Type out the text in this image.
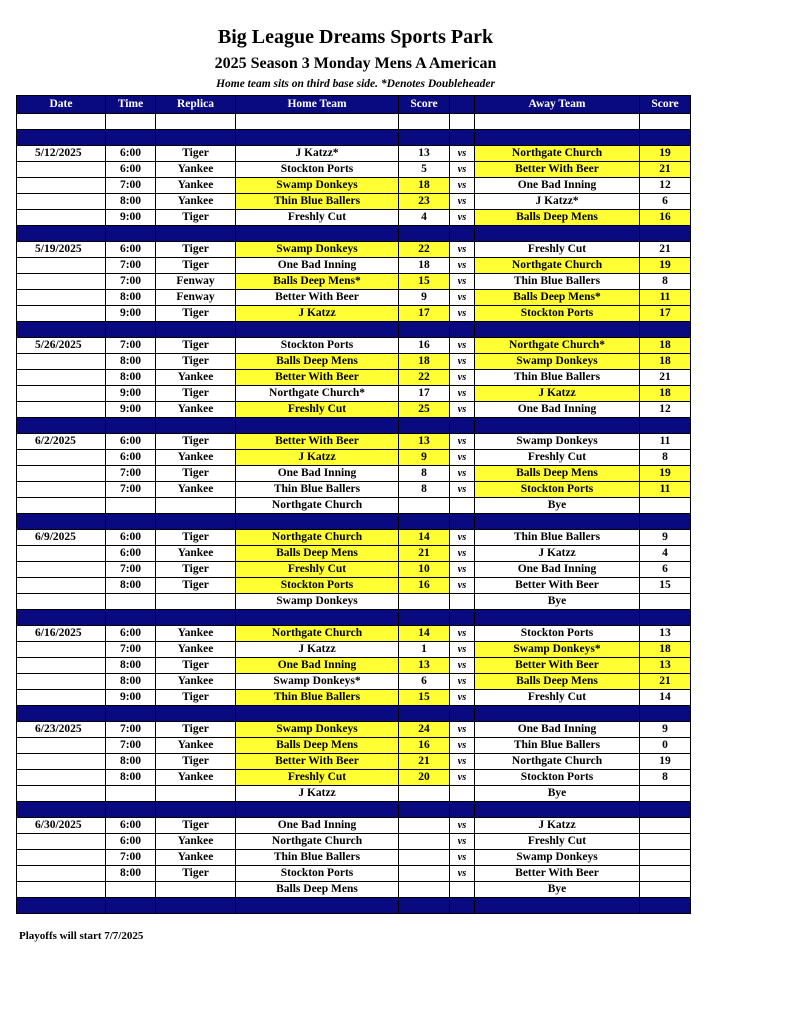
Big League Dreams Sports Park
2025 Season 3 Monday Mens A American
Home team sits on third base side. *Denotes Doubleheader
Date	Time	Replica	Home Team	Score		Away Team	Score

5/12/2025	6:00	Tiger	J Katzz*	13	vs	Northgate Church	19
	6:00	Yankee	Stockton Ports	5	vs	Better With Beer	21
	7:00	Yankee	Swamp Donkeys	18	vs	One Bad Inning	12
	8:00	Yankee	Thin Blue Ballers	23	vs	J Katzz*	6
	9:00	Tiger	Freshly Cut	4	vs	Balls Deep Mens	16

5/19/2025	6:00	Tiger	Swamp Donkeys	22	vs	Freshly Cut	21
	7:00	Tiger	One Bad Inning	18	vs	Northgate Church	19
	7:00	Fenway	Balls Deep Mens*	15	vs	Thin Blue Ballers	8
	8:00	Fenway	Better With Beer	9	vs	Balls Deep Mens*	11
	9:00	Tiger	J Katzz	17	vs	Stockton Ports	17

5/26/2025	7:00	Tiger	Stockton Ports	16	vs	Northgate Church*	18
	8:00	Tiger	Balls Deep Mens	18	vs	Swamp Donkeys	18
	8:00	Yankee	Better With Beer	22	vs	Thin Blue Ballers	21
	9:00	Tiger	Northgate Church*	17	vs	J Katzz	18
	9:00	Yankee	Freshly Cut	25	vs	One Bad Inning	12

6/2/2025	6:00	Tiger	Better With Beer	13	vs	Swamp Donkeys	11
	6:00	Yankee	J Katzz	9	vs	Freshly Cut	8
	7:00	Tiger	One Bad Inning	8	vs	Balls Deep Mens	19
	7:00	Yankee	Thin Blue Ballers	8	vs	Stockton Ports	11
			Northgate Church			Bye	

6/9/2025	6:00	Tiger	Northgate Church	14	vs	Thin Blue Ballers	9
	6:00	Yankee	Balls Deep Mens	21	vs	J Katzz	4
	7:00	Tiger	Freshly Cut	10	vs	One Bad Inning	6
	8:00	Tiger	Stockton Ports	16	vs	Better With Beer	15
			Swamp Donkeys			Bye	

6/16/2025	6:00	Yankee	Northgate Church	14	vs	Stockton Ports	13
	7:00	Yankee	J Katzz	1	vs	Swamp Donkeys*	18
	8:00	Tiger	One Bad Inning	13	vs	Better With Beer	13
	8:00	Yankee	Swamp Donkeys*	6	vs	Balls Deep Mens	21
	9:00	Tiger	Thin Blue Ballers	15	vs	Freshly Cut	14

6/23/2025	7:00	Tiger	Swamp Donkeys	24	vs	One Bad Inning	9
	7:00	Yankee	Balls Deep Mens	16	vs	Thin Blue Ballers	0
	8:00	Tiger	Better With Beer	21	vs	Northgate Church	19
	8:00	Yankee	Freshly Cut	20	vs	Stockton Ports	8
			J Katzz			Bye	

6/30/2025	6:00	Tiger	One Bad Inning		vs	J Katzz	
	6:00	Yankee	Northgate Church		vs	Freshly Cut	
	7:00	Yankee	Thin Blue Ballers		vs	Swamp Donkeys	
	8:00	Tiger	Stockton Ports		vs	Better With Beer	
			Balls Deep Mens			Bye	

Playoffs will start 7/7/2025
